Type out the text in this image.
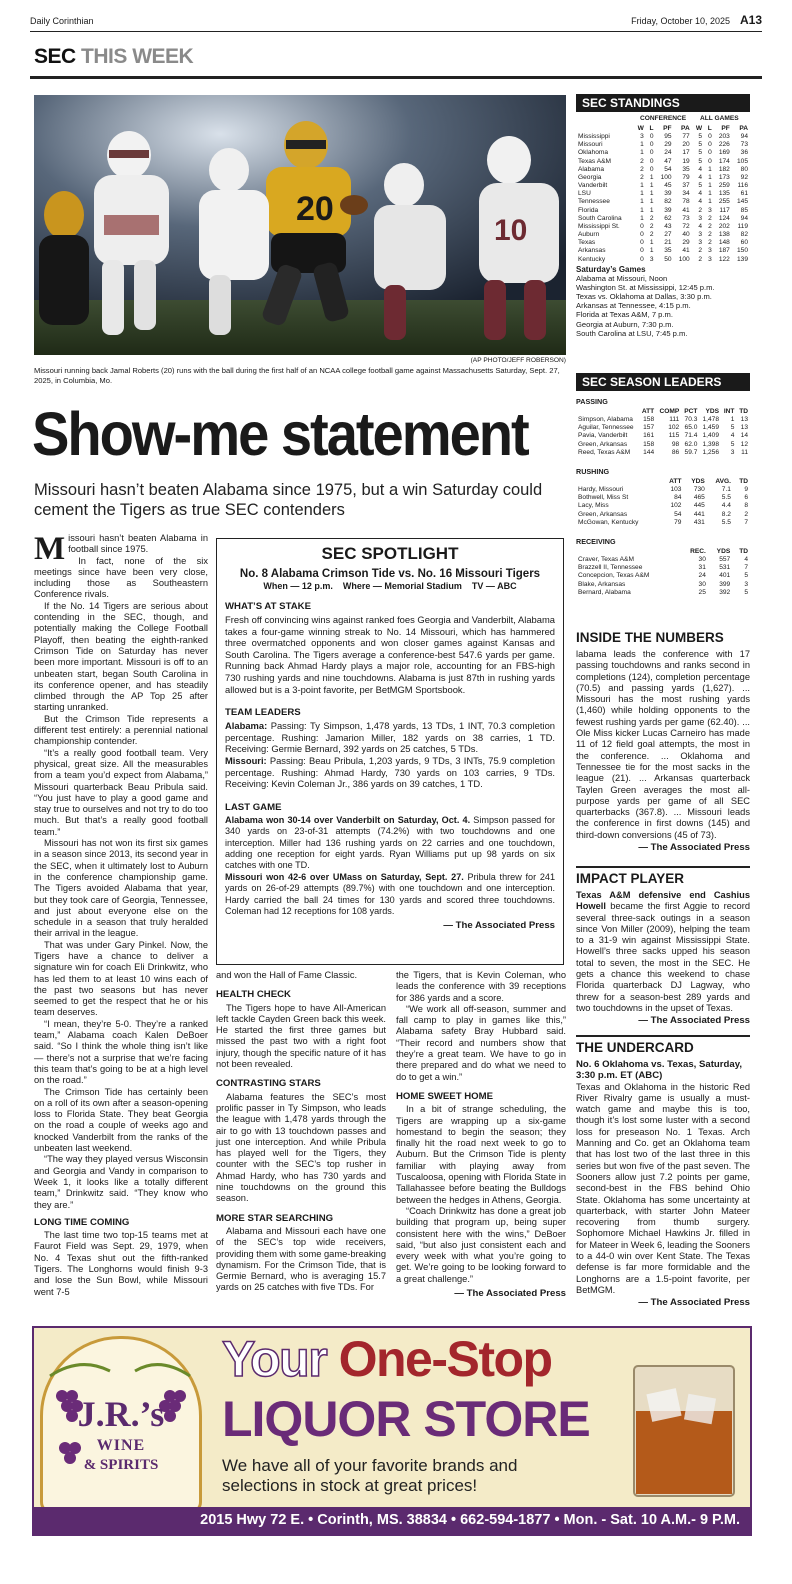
Daily Corinthian	Friday, October 10, 2025 A13
SEC THIS WEEK
20
10
(AP PHOTO/JEFF ROBERSON)
Missouri running back Jamal Roberts (20) runs with the ball during the first half of an NCAA college football game against Massachusetts Saturday, Sept. 27, 2025, in Columbia, Mo.
Show-me statement
Missouri hasn’t beaten Alabama since 1975, but a win Saturday could cement the Tigers as true SEC contenders
M issouri hasn’t beaten Alabama in football since 1975.

In fact, none of the six meetings since have been very close, including those as Southeastern Conference rivals.

If the No. 14 Tigers are serious about contending in the SEC, though, and potentially making the College Football Playoff, then beating the eighth-ranked Crimson Tide on Saturday has never been more important. Missouri is off to an unbeaten start, began South Carolina in its conference opener, and has steadily climbed through the AP Top 25 after starting unranked.

But the Crimson Tide represents a different test entirely: a perennial national championship contender.

“It’s a really good football team. Very physical, great size. All the measurables from a team you’d expect from Alabama,” Missouri quarterback Beau Pribula said. “You just have to play a good game and stay true to ourselves and not try to do too much. But that’s a really good football team.”

Missouri has not won its first six games in a season since 2013, its second year in the SEC, when it ultimately lost to Auburn in the conference championship game. The Tigers avoided Alabama that year, but they took care of Georgia, Tennessee, and just about everyone else on the schedule in a season that truly heralded their arrival in the league.

That was under Gary Pinkel. Now, the Tigers have a chance to deliver a signature win for coach Eli Drinkwitz, who has led them to at least 10 wins each of the past two seasons but has never seemed to get the respect that he or his team deserves.

“I mean, they’re 5-0. They’re a ranked team,” Alabama coach Kalen DeBoer said. “So I think the whole thing isn’t like — there’s not a surprise that we’re facing this team that’s going to be at a high level on the road.”

The Crimson Tide has certainly been on a roll of its own after a season-opening loss to Florida State. They beat Georgia on the road a couple of weeks ago and knocked Vanderbilt from the ranks of the unbeaten last weekend.

“The way they played versus Wisconsin and Georgia and Vandy in comparison to Week 1, it looks like a totally different team,” Drinkwitz said. “They know who they are.”

LONG TIME COMING

The last time two top-15 teams met at Faurot Field was Sept. 29, 1979, when No. 4 Texas shut out the fifth-ranked Tigers. The Longhorns would finish 9-3 and lose the Sun Bowl, while Missouri went 7-5

SEC SPOTLIGHT
No. 8 Alabama Crimson Tide vs. No. 16 Missouri Tigers
When — 12 p.m.    Where — Memorial Stadium    TV — ABC
WHAT’S AT STAKE
Fresh off convincing wins against ranked foes Georgia and Vanderbilt, Alabama takes a four-game winning streak to No. 14 Missouri, which has hammered three overmatched opponents and won closer games against Kansas and South Carolina. The Tigers average a conference-best 547.6 yards per game. Running back Ahmad Hardy plays a major role, accounting for an FBS-high 730 rushing yards and nine touchdowns. Alabama is just 87th in rushing yards allowed but is a 3-point favorite, per BetMGM Sportsbook.
TEAM LEADERS
Alabama: Passing: Ty Simpson, 1,478 yards, 13 TDs, 1 INT, 70.3 completion percentage. Rushing: Jamarion Miller, 182 yards on 38 carries, 1 TD. Receiving: Germie Bernard, 392 yards on 25 catches, 5 TDs.
Missouri: Passing: Beau Pribula, 1,203 yards, 9 TDs, 3 INTs, 75.9 completion percentage. Rushing: Ahmad Hardy, 730 yards on 103 carries, 9 TDs. Receiving: Kevin Coleman Jr., 386 yards on 39 catches, 1 TD.
LAST GAME
Alabama won 30-14 over Vanderbilt on Saturday, Oct. 4. Simpson passed for 340 yards on 23-of-31 attempts (74.2%) with two touchdowns and one interception. Miller had 136 rushing yards on 22 carries and one touchdown, adding one reception for eight yards. Ryan Williams put up 98 yards on six catches with one TD.
Missouri won 42-6 over UMass on Saturday, Sept. 27. Pribula threw for 241 yards on 26-of-29 attempts (89.7%) with one touchdown and one interception. Hardy carried the ball 24 times for 130 yards and scored three touchdowns. Coleman had 12 receptions for 108 yards.
— The Associated Press

and won the Hall of Fame Classic.

HEALTH CHECK

The Tigers hope to have All-American left tackle Cayden Green back this week. He started the first three games but missed the past two with a right foot injury, though the specific nature of it has not been revealed.

CONTRASTING STARS

Alabama features the SEC’s most prolific passer in Ty Simpson, who leads the league with 1,478 yards through the air to go with 13 touchdown passes and just one interception. And while Pribula has played well for the Tigers, they counter with the SEC’s top rusher in Ahmad Hardy, who has 730 yards and nine touchdowns on the ground this season.

MORE STAR SEARCHING

Alabama and Missouri each have one of the SEC’s top wide receivers, providing them with some game-breaking dynamism. For the Crimson Tide, that is Germie Bernard, who is averaging 15.7 yards on 25 catches with five TDs. For

the Tigers, that is Kevin Coleman, who leads the conference with 39 receptions for 386 yards and a score.

“We work all off-season, summer and fall camp to play in games like this,” Alabama safety Bray Hubbard said. “Their record and numbers show that they’re a great team. We have to go in there prepared and do what we need to do to get a win.”

HOME SWEET HOME

In a bit of strange scheduling, the Tigers are wrapping up a six-game homestand to begin the season; they finally hit the road next week to go to Auburn. But the Crimson Tide is plenty familiar with playing away from Tuscaloosa, opening with Florida State in Tallahassee before beating the Bulldogs between the hedges in Athens, Georgia.

“Coach Drinkwitz has done a great job building that program up, being super consistent here with the wins,” DeBoer said, “but also just consistent each and every week with what you’re going to get. We’re going to be looking forward to a great challenge.”

— The Associated Press
SEC STANDINGS
CONFERENCE ALL GAMES
	W	L	PF	PA	W	L	PF	PA
Mississippi	3	0	95	77	5	0	203	94
Missouri	1	0	29	20	5	0	226	73
Oklahoma	1	0	24	17	5	0	169	36
Texas A&M	2	0	47	19	5	0	174	105
Alabama	2	0	54	35	4	1	182	80
Georgia	2	1	100	79	4	1	173	92
Vanderbilt	1	1	45	37	5	1	259	116
LSU	1	1	39	34	4	1	135	61
Tennessee	1	1	82	78	4	1	255	145
Florida	1	1	39	41	2	3	117	85
South Carolina	1	2	62	73	3	2	124	94
Mississippi St.	0	2	43	72	4	2	202	119
Auburn	0	2	27	40	3	2	138	82
Texas	0	1	21	29	3	2	148	60
Arkansas	0	1	35	41	2	3	187	150
Kentucky	0	3	50	100	2	3	122	139
Saturday’s Games
Alabama at Missouri, Noon
Washington St. at Mississippi, 12:45 p.m.
Texas vs. Oklahoma at Dallas, 3:30 p.m.
Arkansas at Tennessee, 4:15 p.m.
Florida at Texas A&M, 7 p.m.
Georgia at Auburn, 7:30 p.m.
South Carolina at LSU, 7:45 p.m.
SEC SEASON LEADERS
PASSING
	ATT	COMP	PCT	YDS	INT	TD
Simpson, Alabama	158	111	70.3	1,478	1	13
Aguilar, Tennessee	157	102	65.0	1,459	5	13
Pavia, Vanderbilt	161	115	71.4	1,409	4	14
Green, Arkansas	158	98	62.0	1,398	5	12
Reed, Texas A&M	144	86	59.7	1,256	3	11
RUSHING
	ATT	YDS	AVG.	TD
Hardy, Missouri	103	730	7.1	9
Bothwell, Miss St	84	465	5.5	6
Lacy, Miss	102	445	4.4	8
Green, Arkansas	54	441	8.2	2
McGowan, Kentucky	79	431	5.5	7
RECEIVING
	REC.	YDS	TD
Craver, Texas A&M	30	557	4
Brazzell II, Tennessee	31	531	7
Concepcion, Texas A&M	24	401	5
Blake, Arkansas	30	399	3
Bernard, Alabama	25	392	5
INSIDE THE NUMBERS
labama leads the conference with 17 passing touchdowns and ranks second in completions (124), completion percentage (70.5) and passing yards (1,627). ... Missouri has the most rushing yards (1,460) while holding opponents to the fewest rushing yards per game (62.40). ... Ole Miss kicker Lucas Carneiro has made 11 of 12 field goal attempts, the most in the conference. ... Oklahoma and Tennessee tie for the most sacks in the league (21). ... Arkansas quarterback Taylen Green averages the most all-purpose yards per game of all SEC quarterbacks (367.8). ... Missouri leads the conference in first downs (145) and third-down conversions (45 of 73).
— The Associated Press
IMPACT PLAYER
Texas A&M defensive end Cashius Howell became the first Aggie to record several three-sack outings in a season since Von Miller (2009), helping the team to a 31-9 win against Mississippi State. Howell’s three sacks upped his season total to seven, the most in the SEC. He gets a chance this weekend to chase Florida quarterback DJ Lagway, who threw for a season-best 289 yards and two touchdowns in the upset of Texas.
— The Associated Press
THE UNDERCARD
No. 6 Oklahoma vs. Texas, Saturday, 3:30 p.m. ET (ABC)
Texas and Oklahoma in the historic Red River Rivalry game is usually a must-watch game and maybe this is too, though it’s lost some luster with a second loss for preseason No. 1 Texas. Arch Manning and Co. get an Oklahoma team that has lost two of the last three in this series but won five of the past seven. The Sooners allow just 7.2 points per game, second-best in the FBS behind Ohio State. Oklahoma has some uncertainty at quarterback, with starter John Mateer recovering from thumb surgery. Sophomore Michael Hawkins Jr. filled in for Mateer in Week 6, leading the Sooners to a 44-0 win over Kent State. The Texas defense is far more formidable and the Longhorns are a 1.5-point favorite, per BetMGM.
— The Associated Press
J.R.’s
WINE
& SPIRITS
Your One-Stop
LIQUOR STORE
We have all of your favorite brands and
selections in stock at great prices!
2015 Hwy 72 E. • Corinth, MS. 38834 • 662-594-1877 • Mon. - Sat. 10 A.M.- 9 P.M.
